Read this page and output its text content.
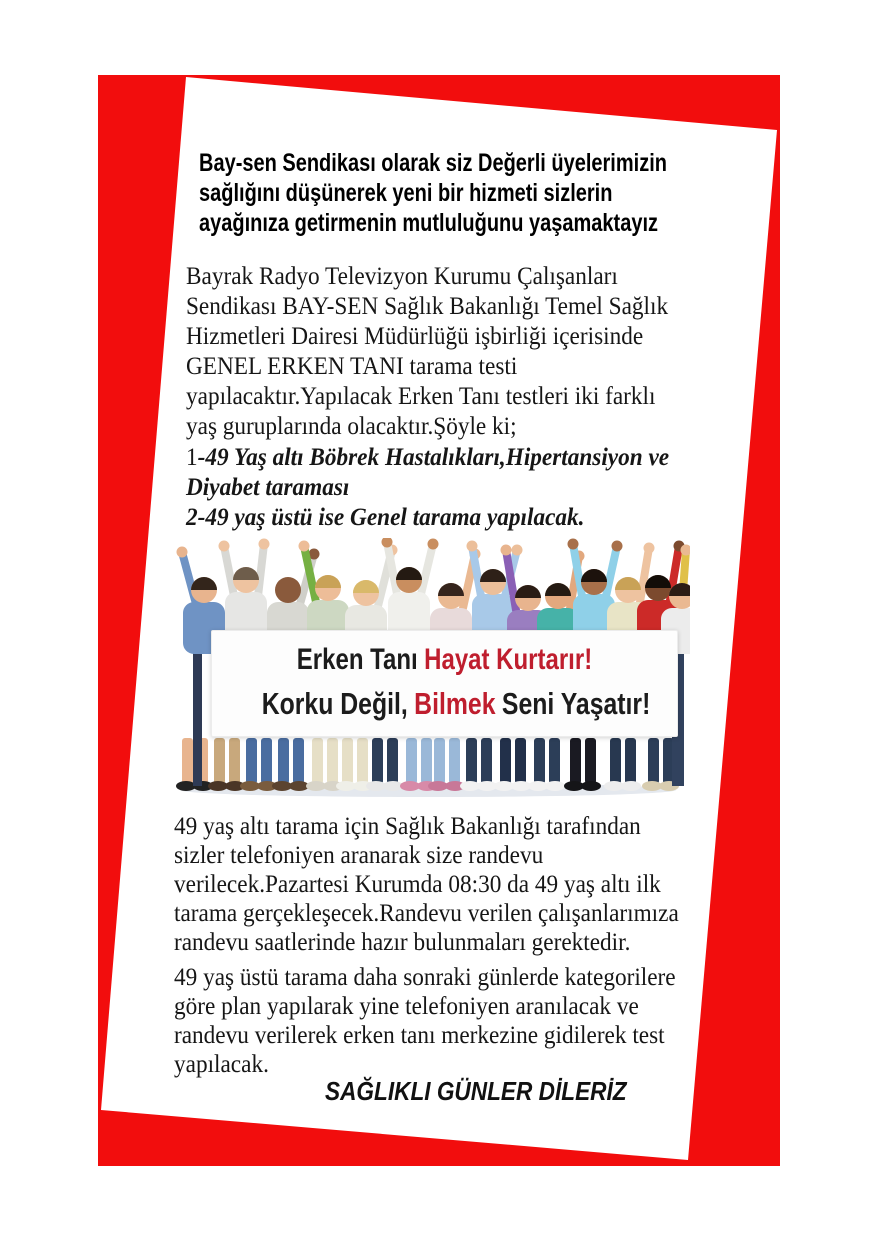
Bay-sen Sendikası olarak siz Değerli üyelerimizin
sağlığını düşünerek yeni bir hizmeti sizlerin
ayağınıza getirmenin mutluluğunu yaşamaktayız
Bayrak Radyo Televizyon Kurumu Çalışanları
Sendikası BAY-SEN Sağlık Bakanlığı Temel Sağlık
Hizmetleri Dairesi Müdürlüğü işbirliği içerisinde
GENEL ERKEN TANI tarama testi
yapılacaktır.Yapılacak Erken Tanı testleri iki farklı
yaş guruplarında olacaktır.Şöyle ki;
1-49 Yaş altı Böbrek Hastalıkları,Hipertansiyon ve
Diyabet taraması
2-49 yaş üstü ise Genel tarama yapılacak.
Erken Tanı Hayat Kurtarır!
Korku Değil, Bilmek Seni Yaşatır!
49 yaş altı tarama için Sağlık Bakanlığı tarafından
sizler telefoniyen aranarak size randevu
verilecek.Pazartesi Kurumda 08:30 da 49 yaş altı ilk
tarama gerçekleşecek.Randevu verilen çalışanlarımıza
randevu saatlerinde hazır bulunmaları gerektedir.
49 yaş üstü tarama daha sonraki günlerde kategorilere
göre plan yapılarak yine telefoniyen aranılacak ve
randevu verilerek erken tanı merkezine gidilerek test
yapılacak.
SAĞLIKLI GÜNLER DİLERİZ
